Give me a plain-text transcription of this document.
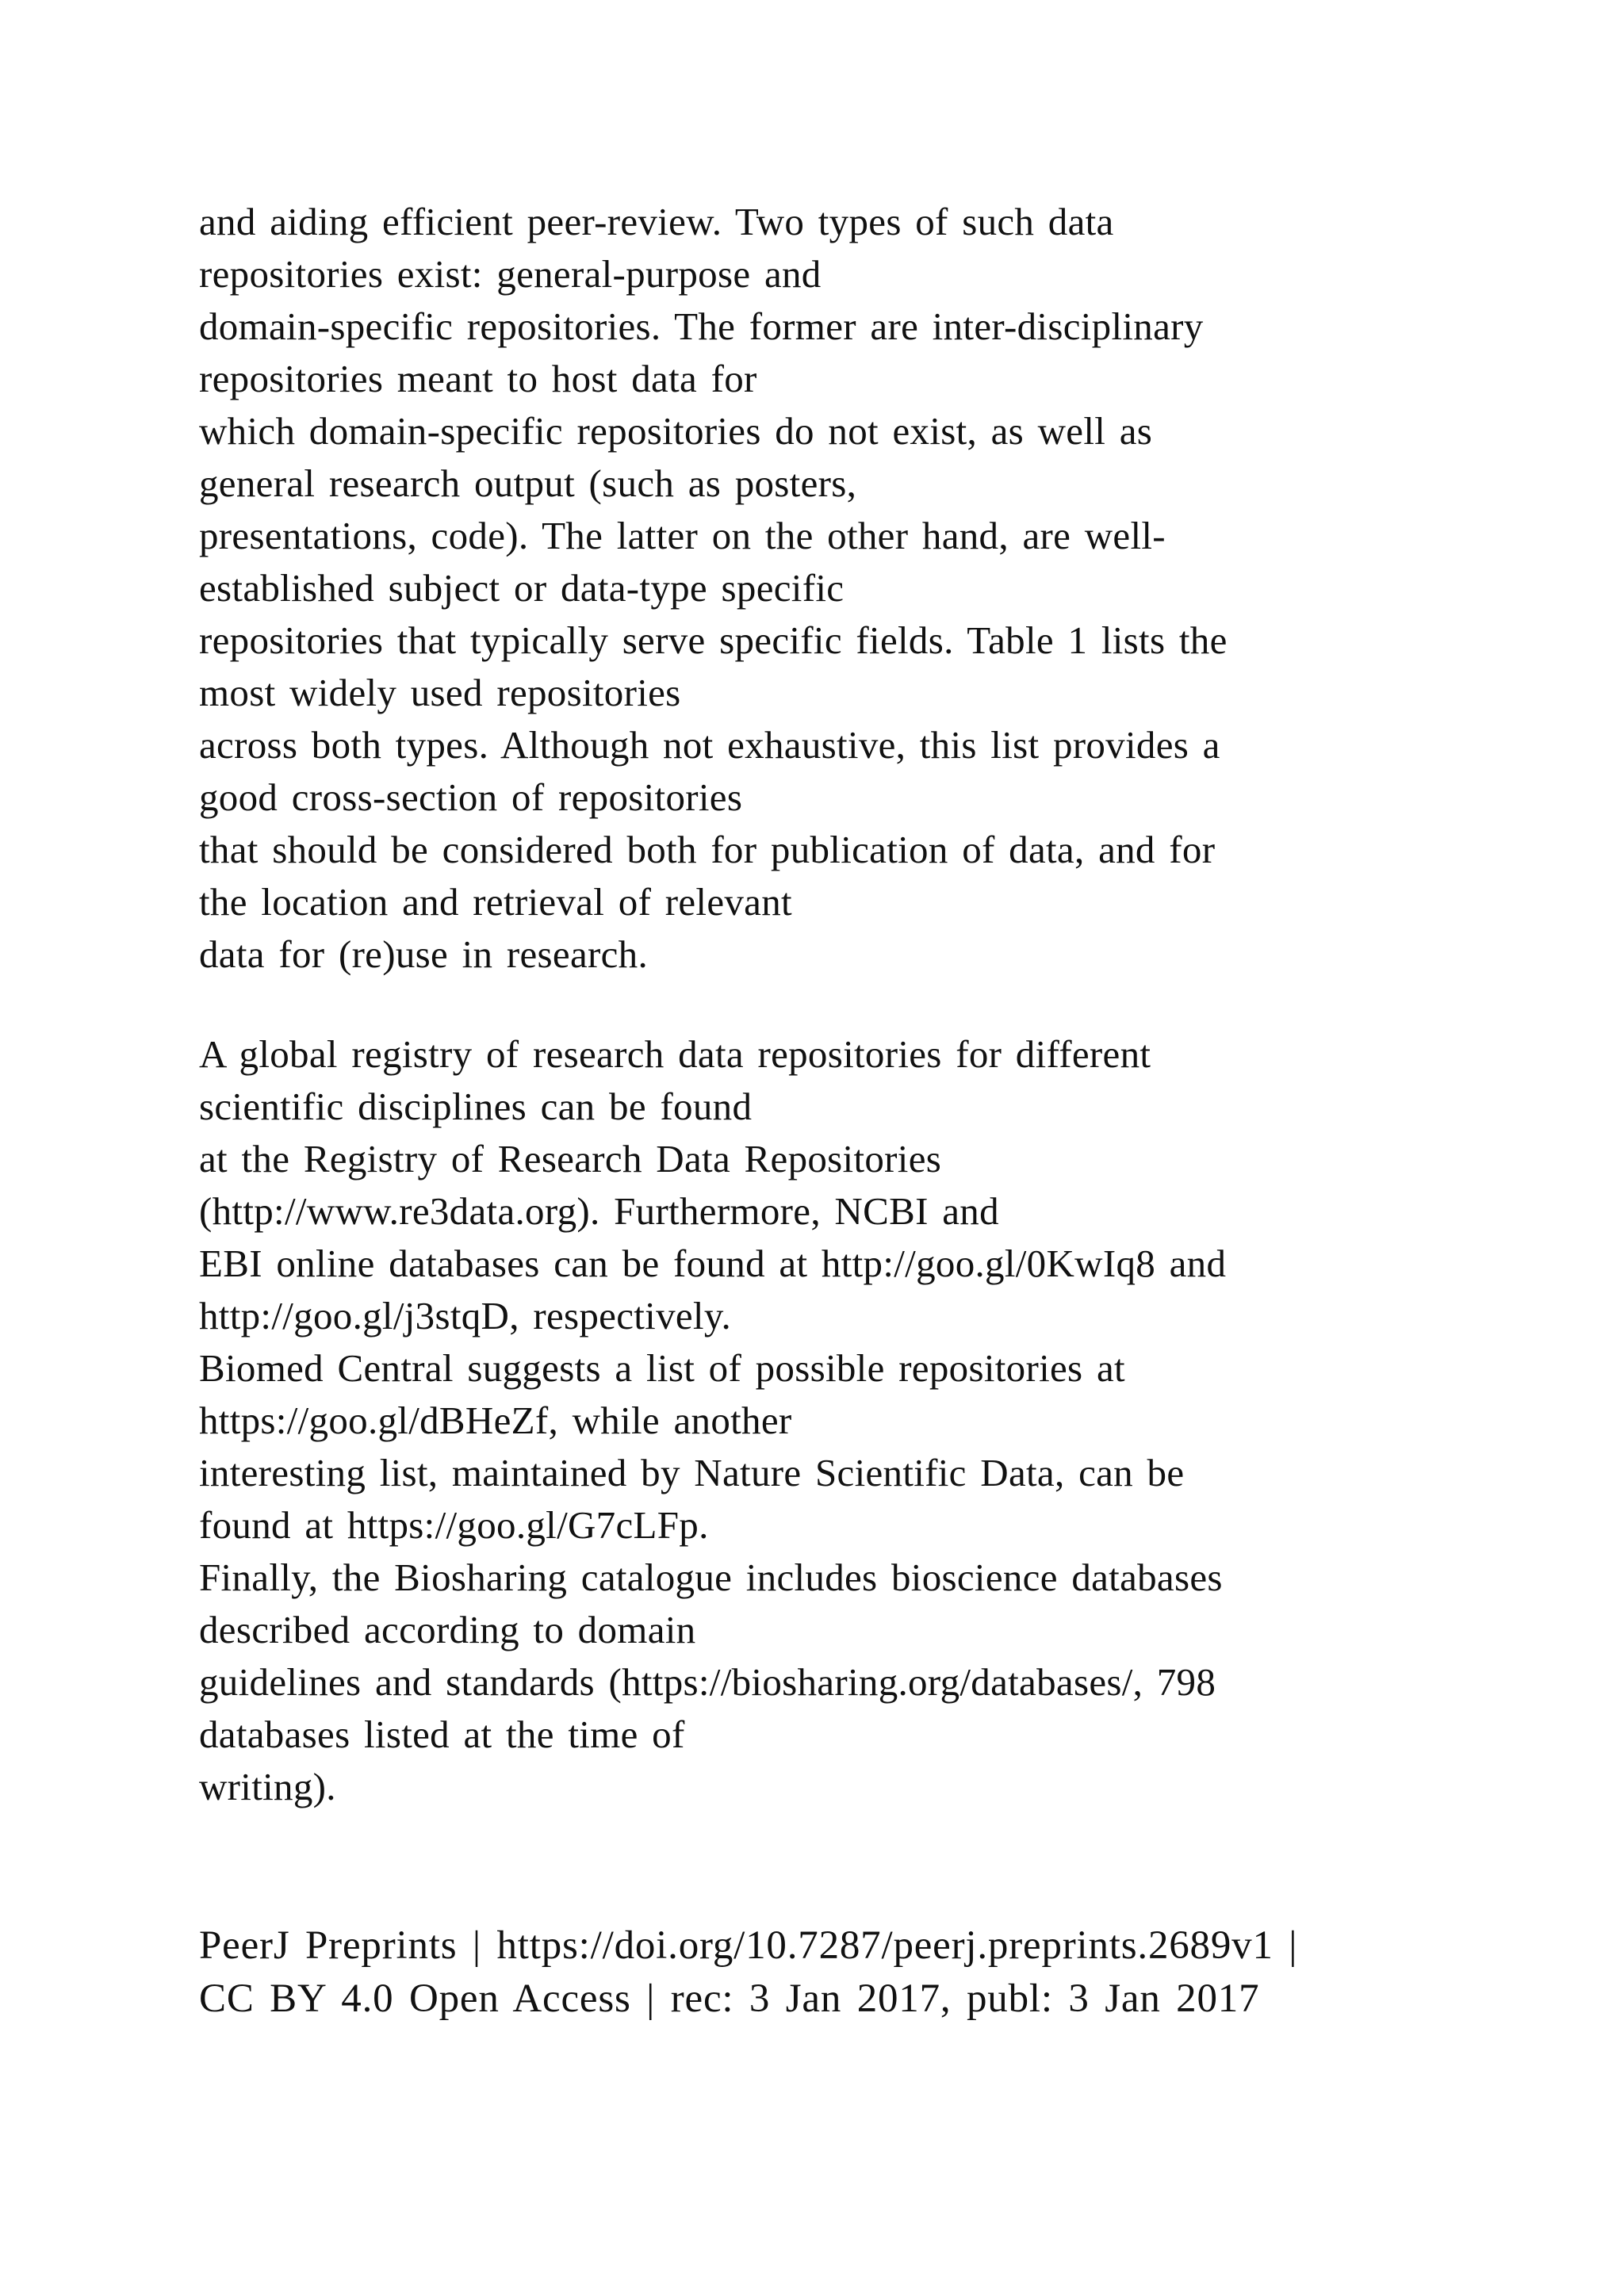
and aiding efficient peer-review. Two types of such data
repositories exist: general-purpose and
domain-specific repositories. The former are inter-disciplinary
repositories meant to host data for
which domain-specific repositories do not exist, as well as
general research output (such as posters,
presentations, code). The latter on the other hand, are well-
established subject or data-type specific
repositories that typically serve specific fields. Table 1 lists the
most widely used repositories
across both types. Although not exhaustive, this list provides a
good cross-section of repositories
that should be considered both for publication of data, and for
the location and retrieval of relevant
data for (re)use in research.

A global registry of research data repositories for different
scientific disciplines can be found
at the Registry of Research Data Repositories
(http://www.re3data.org). Furthermore, NCBI and
EBI online databases can be found at http://goo.gl/0KwIq8 and
http://goo.gl/j3stqD, respectively.
Biomed Central suggests a list of possible repositories at
https://goo.gl/dBHeZf, while another
interesting list, maintained by Nature Scientific Data, can be
found at https://goo.gl/G7cLFp.
Finally, the Biosharing catalogue includes bioscience databases
described according to domain
guidelines and standards (https://biosharing.org/databases/, 798
databases listed at the time of
writing).

PeerJ Preprints | https://doi.org/10.7287/peerj.preprints.2689v1 |
CC BY 4.0 Open Access | rec: 3 Jan 2017, publ: 3 Jan 2017
